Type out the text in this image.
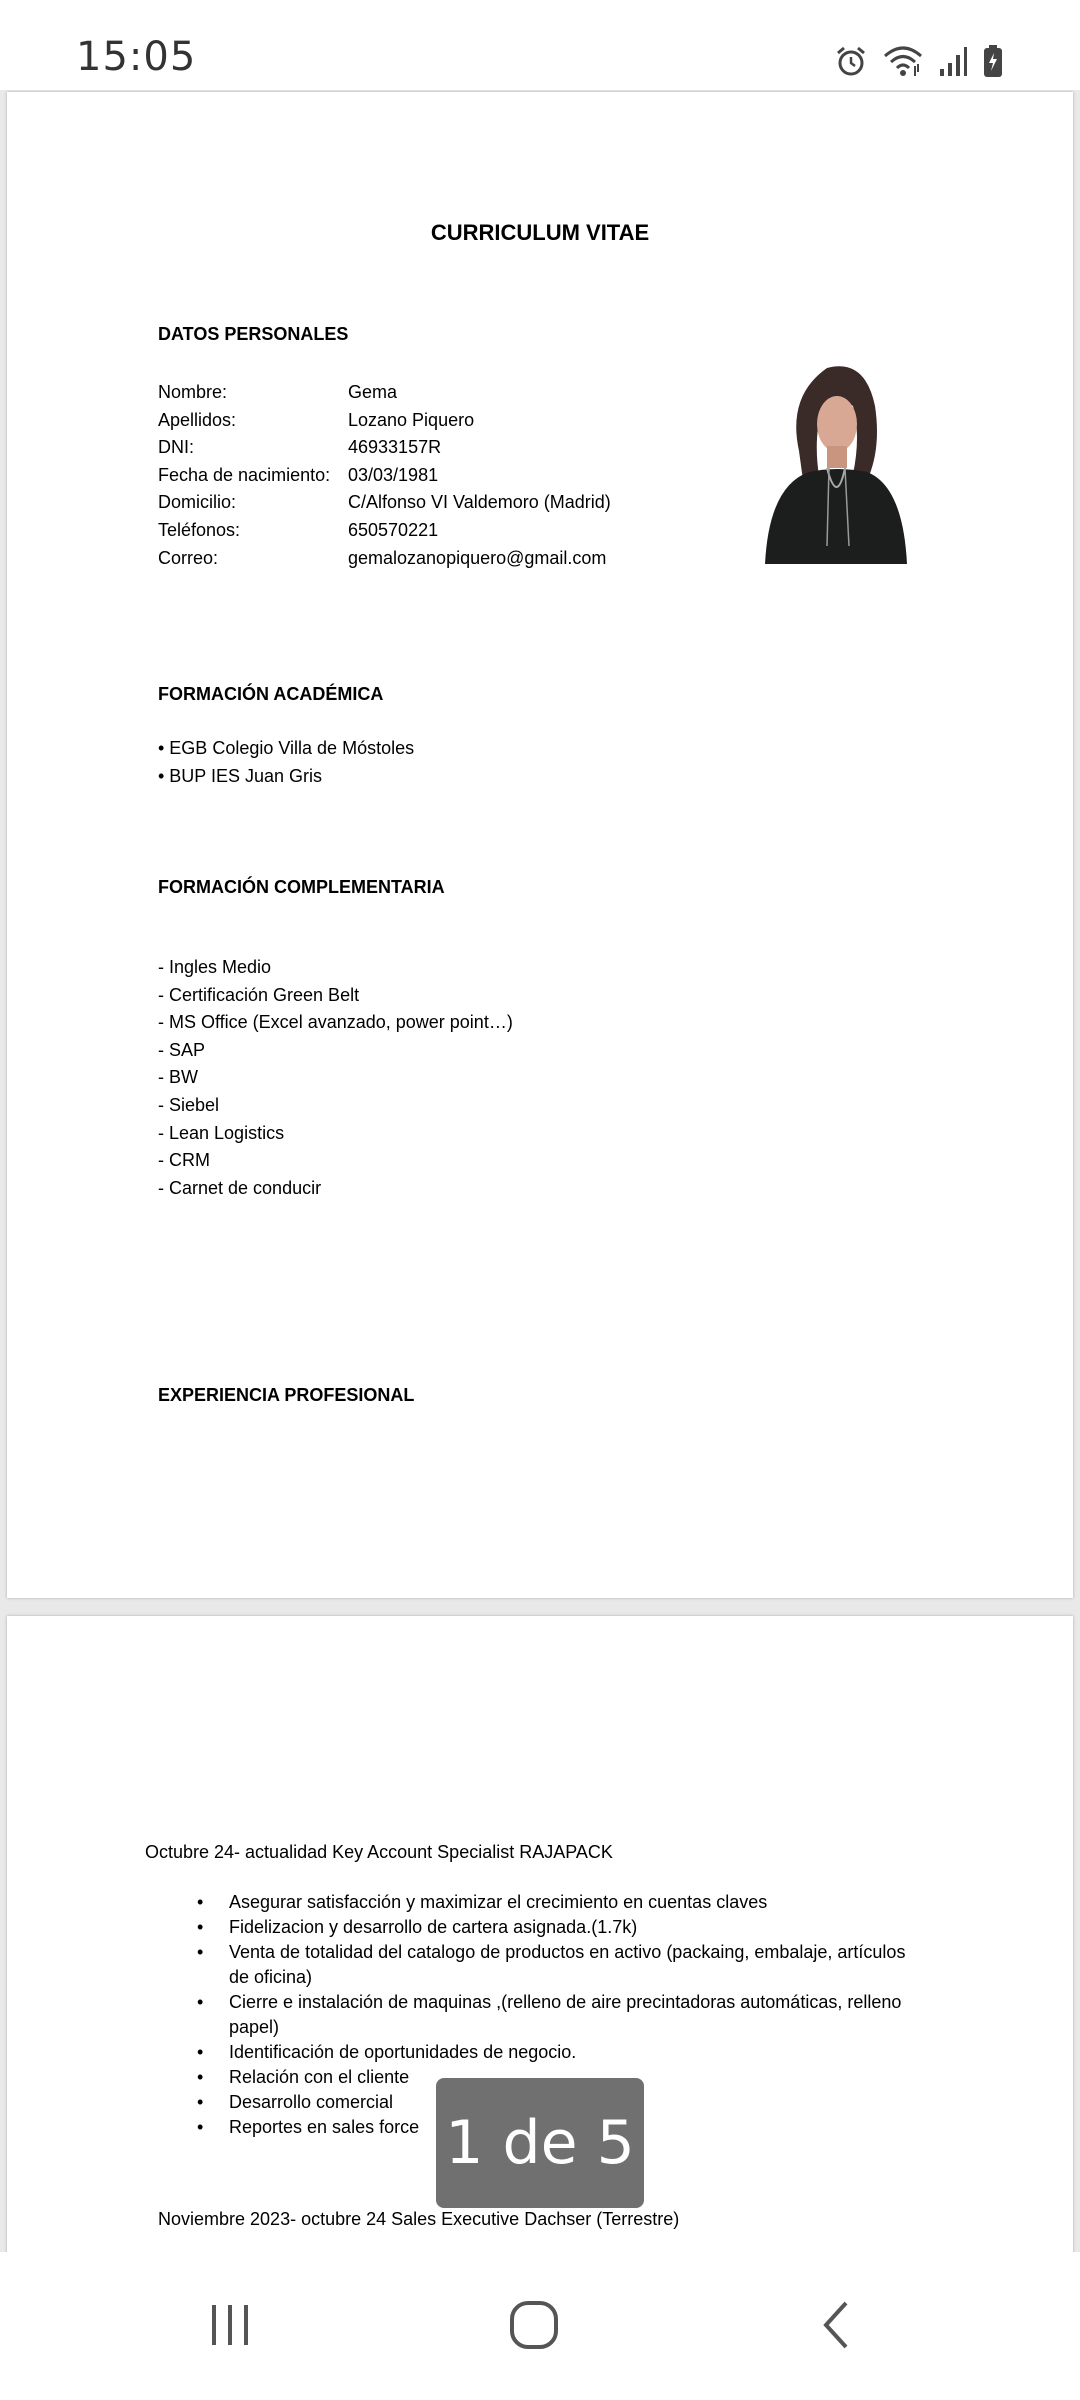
15:05
CURRICULUM VITAE
DATOS PERSONALES
Nombre:	Gema
Apellidos:	Lozano Piquero
DNI:	46933157R
Fecha de nacimiento: 03/03/1981
Domicilio:	C/Alfonso VI Valdemoro (Madrid)
Teléfonos:	650570221
Correo:	gemalozanopiquero@gmail.com
FORMACIÓN ACADÉMICA
• EGB Colegio Villa de Móstoles
• BUP IES Juan Gris
FORMACIÓN COMPLEMENTARIA
- Ingles Medio
- Certificación Green Belt
- MS Office (Excel avanzado, power point…)
- SAP
- BW
- Siebel
- Lean Logistics
- CRM
- Carnet de conducir
EXPERIENCIA PROFESIONAL
Octubre 24- actualidad Key Account Specialist RAJAPACK
• Asegurar satisfacción y maximizar el crecimiento en cuentas claves
• Fidelizacion y desarrollo de cartera asignada.(1.7k)
• Venta de totalidad del catalogo de productos en activo (packaing, embalaje, artículos de oficina)
• Cierre e instalación de maquinas ,(relleno de aire precintadoras automáticas, relleno papel)
• Identificación de oportunidades de negocio.
• Relación con el cliente
• Desarrollo comercial
• Reportes en sales force
Noviembre 2023- octubre 24 Sales Executive Dachser (Terrestre)
1 de 5
